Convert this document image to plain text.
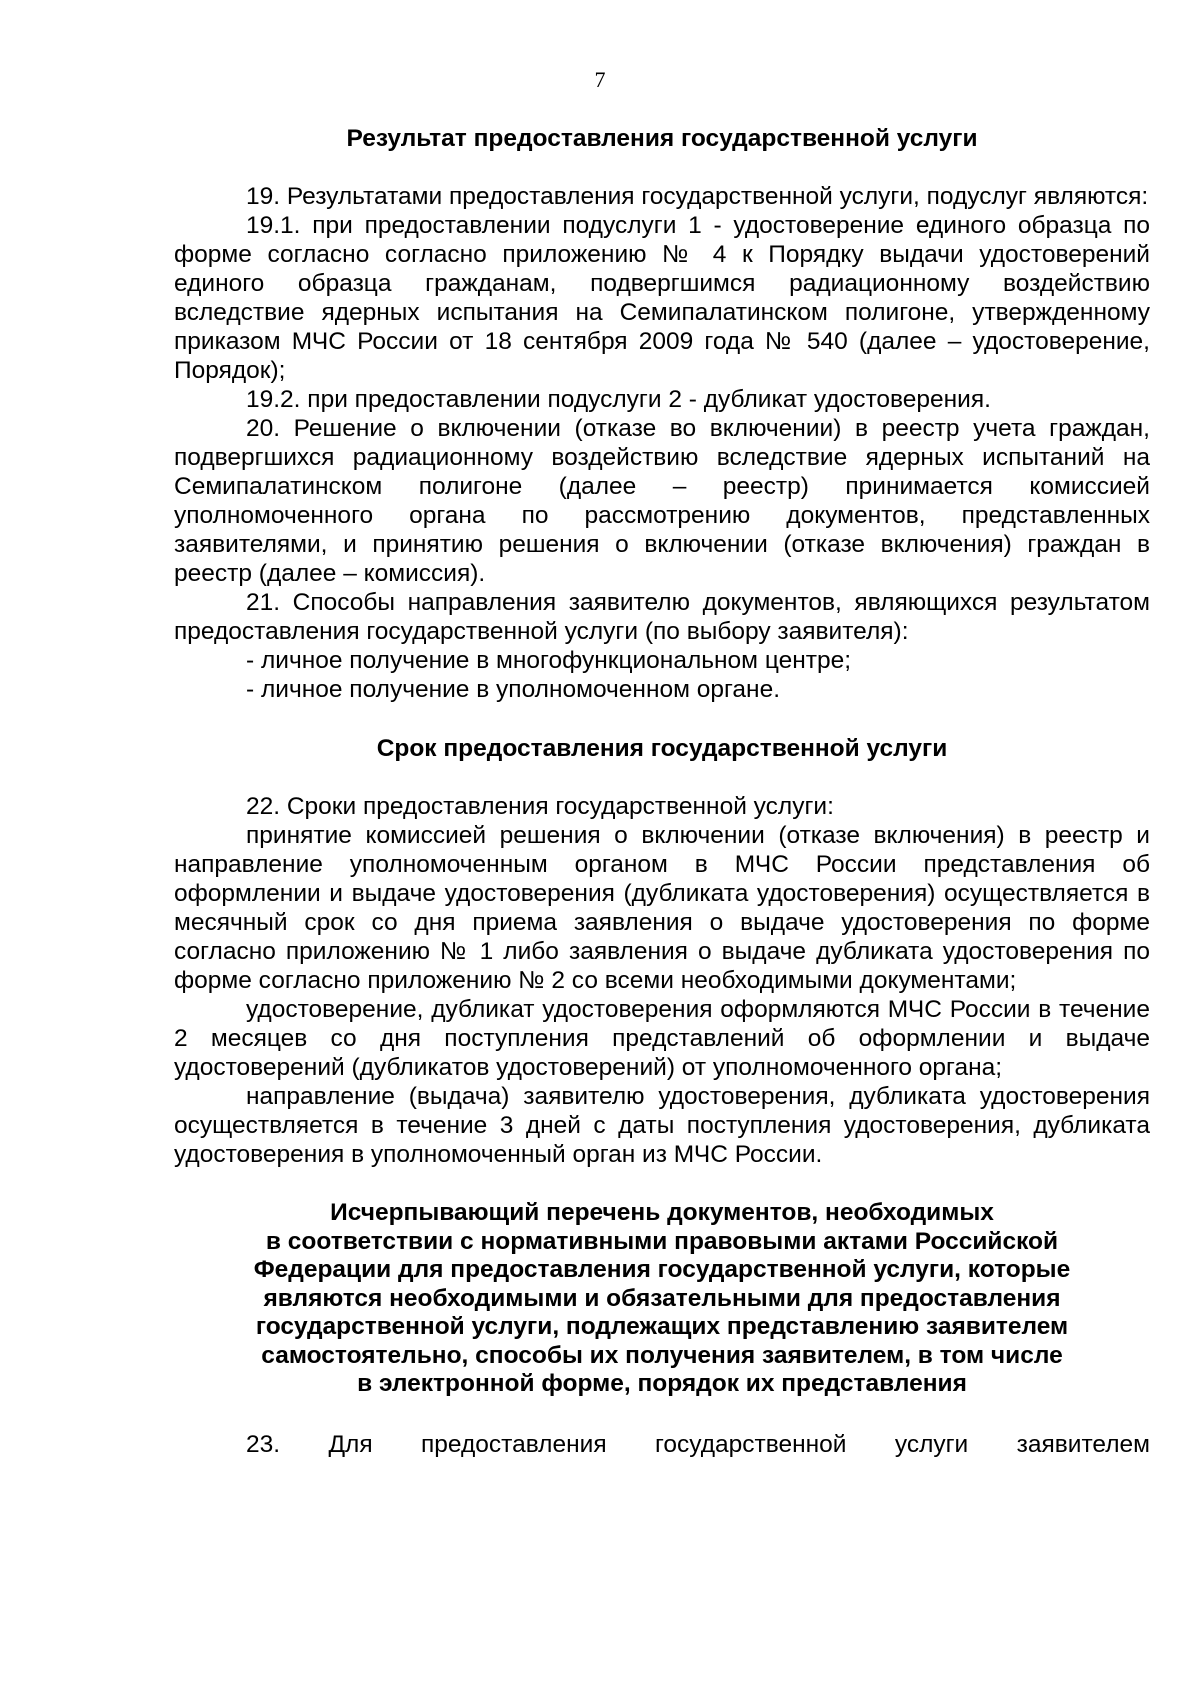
7

Результат предоставления государственной услуги

19. Результатами предоставления государственной услуги, подуслуг являются:

19.1. при предоставлении подуслуги 1 - удостоверение единого образца по форме согласно согласно приложению № 4 к Порядку выдачи удостоверений единого образца гражданам, подвергшимся радиационному воздействию вследствие ядерных испытания на Семипалатинском полигоне, утвержденному приказом МЧС России от 18 сентября 2009 года № 540 (далее – удостоверение, Порядок);

19.2. при предоставлении подуслуги 2 - дубликат удостоверения.

20. Решение о включении (отказе во включении) в реестр учета граждан, подвергшихся радиационному воздействию вследствие ядерных испытаний на Семипалатинском полигоне (далее – реестр) принимается комиссией уполномоченного органа по рассмотрению документов, представленных заявителями, и принятию решения о включении (отказе включения) граждан в реестр (далее – комиссия).

21. Способы направления заявителю документов, являющихся результатом предоставления государственной услуги (по выбору заявителя):

- личное получение в многофункциональном центре;

- личное получение в уполномоченном органе.

Срок предоставления государственной услуги

22. Сроки предоставления государственной услуги:

принятие комиссией решения о включении (отказе включения) в реестр и направление уполномоченным органом в МЧС России представления об оформлении и выдаче удостоверения (дубликата удостоверения) осуществляется в месячный срок со дня приема заявления о выдаче удостоверения по форме согласно приложению № 1 либо заявления о выдаче дубликата удостоверения по форме согласно приложению № 2 со всеми необходимыми документами;

удостоверение, дубликат удостоверения оформляются МЧС России в течение 2 месяцев со дня поступления представлений об оформлении и выдаче удостоверений (дубликатов удостоверений) от уполномоченного органа;

направление (выдача) заявителю удостоверения, дубликата удостоверения осуществляется в течение 3 дней с даты поступления удостоверения, дубликата удостоверения в уполномоченный орган из МЧС России.

Исчерпывающий перечень документов, необходимых
в соответствии с нормативными правовыми актами Российской
Федерации для предоставления государственной услуги, которые
являются необходимыми и обязательными для предоставления
государственной услуги, подлежащих представлению заявителем
самостоятельно, способы их получения заявителем, в том числе
в электронной форме, порядок их представления

23. Для предоставления государственной услуги заявителем
